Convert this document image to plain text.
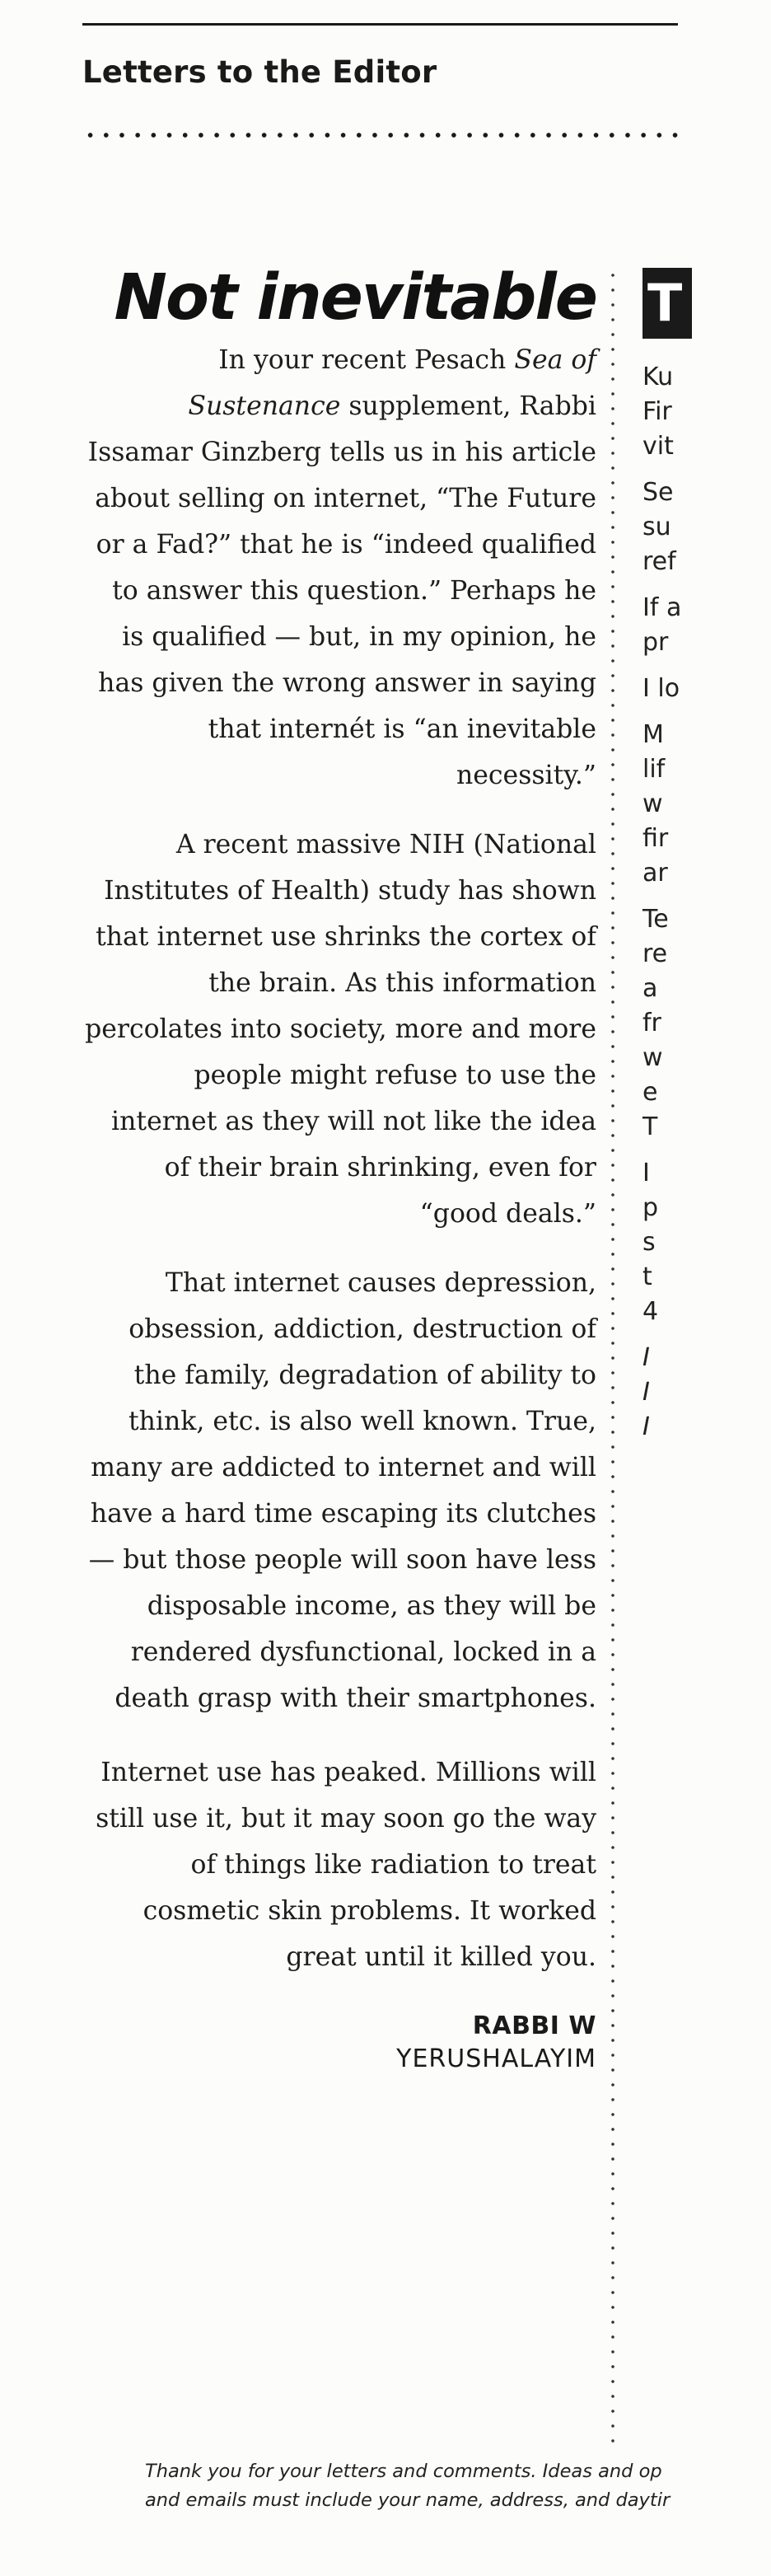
Letters to the Editor
Not inevitable

In your recent Pesach Sea of Sustenance supplement, Rabbi Issamar Ginzberg tells us in his article about selling on internet, “The Future or a Fad?” that he is “indeed qualified to answer this question.” Perhaps he is qualified — but, in my opinion, he has given the wrong answer in saying that internét is “an inevitable necessity.”

A recent massive NIH (National Institutes of Health) study has shown that internet use shrinks the cortex of the brain. As this information percolates into society, more and more people might refuse to use the internet as they will not like the idea of their brain shrinking, even for “good deals.”

That internet causes depression, obsession, addiction, destruction of the family, degradation of ability to think, etc. is also well known. True, many are addicted to internet and will have a hard time escaping its clutches — but those people will soon have less disposable income, as they will be rendered dysfunctional, locked in a death grasp with their smartphones.

Internet use has peaked. Millions will still use it, but it may soon go the way of things like radiation to treat cosmetic skin problems. It worked great until it killed you.

RABBI W
YERUSHALAYIM
T
Ku
Fir
vit
Se
su
ref
If a
pr
I lo
M
lif
w
fir
ar
Te
re
a
fr
w
e
T
I
p
s
t
4
I
I
I
Thank you for your letters and comments. Ideas and op
and emails must include your name, address, and daytir
